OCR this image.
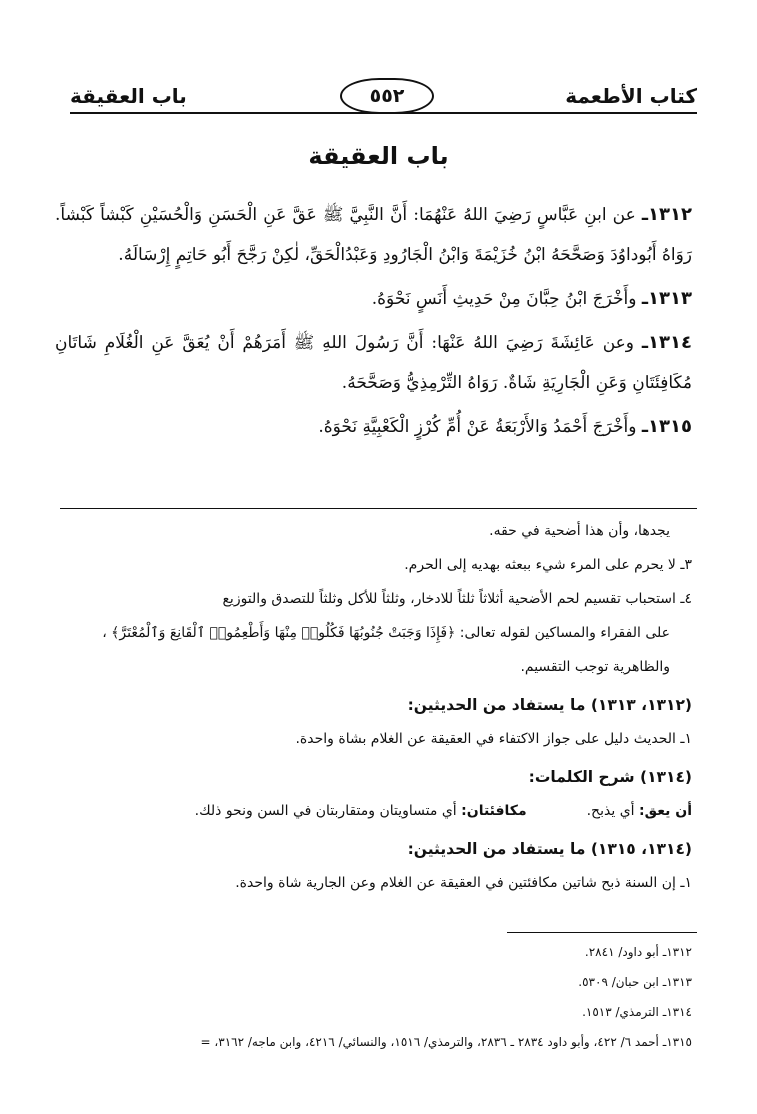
كتاب الأطعمة
٥٥٢
باب العقيقة
باب العقيقة

١٣١٢ـ عن ابنِ عَبَّاسٍ رَضِيَ اللهُ عَنْهُمَا: أَنَّ النَّبِيَّ ﷺ عَقَّ عَنِ الْحَسَنِ وَالْحُسَيْنِ كَبْشاً كَبْشاً. رَوَاهُ أَبُوداوُدَ وَصَحَّحَهُ ابْنُ خُزَيْمَةَ وَابْنُ الْجَارُودِ وَعَبْدُالْحَقِّ، لٰكِنْ رَجَّحَ أَبُو حَاتِمٍ إِرْسَالَهُ.

١٣١٣ـ وأَخْرَجَ ابْنُ حِبَّانَ مِنْ حَدِيثِ أَنَسٍ نَحْوَهُ.

١٣١٤ـ وعن عَائِشَةَ رَضِيَ اللهُ عَنْهَا: أَنَّ رَسُولَ اللهِ ﷺ أَمَرَهُمْ أَنْ يُعَقَّ عَنِ الْغُلَامِ شَاتَانِ مُكَافِئَتَانِ وَعَنِ الْجَارِيَةِ شَاةٌ. رَوَاهُ التِّرْمِذِيُّ وَصَحَّحَهُ.

١٣١٥ـ وأَخْرَجَ أَحْمَدُ وَالأَرْبَعَةُ عَنْ أُمِّ كُرْزٍ الْكَعْبِيَّةِ نَحْوَهُ.

يجدها، وأن هذا أضحية في حقه.

٣ـ لا يحرم على المرء شيء ببعثه بهديه إلى الحرم.

٤ـ استحباب تقسيم لحم الأضحية أثلاثاً ثلثاً للادخار، وثلثاً للأكل وثلثاً للتصدق والتوزيع

على الفقراء والمساكين لقوله تعالى: ﴿فَإِذَا وَجَبَتْ جُنُوبُهَا فَكُلُوا۟ مِنْهَا وَأَطْعِمُوا۟ ٱلْقَانِعَ وَٱلْمُعْتَرَّ﴾ ،

والظاهرية توجب التقسيم.

(١٣١٢، ١٣١٣) ما يستفاد من الحديثين:

١ـ الحديث دليل على جواز الاكتفاء في العقيقة عن الغلام بشاة واحدة.

(١٣١٤) شرح الكلمات:
أن يعق: أي يذبح.
مكافئتان: أي متساويتان ومتقاربتان في السن ونحو ذلك.
(١٣١٤، ١٣١٥) ما يستفاد من الحديثين:

١ـ إن السنة ذبح شاتين مكافئتين في العقيقة عن الغلام وعن الجارية شاة واحدة.

١٣١٢ـ أبو داود/ ٢٨٤١.

١٣١٣ـ ابن حبان/ ٥٣٠٩.

١٣١٤ـ الترمذي/ ١٥١٣.

١٣١٥ـ أحمد ٦/ ٤٢٢، وأبو داود ٢٨٣٤ ـ ٢٨٣٦، والترمذي/ ١٥١٦، والنسائي/ ٤٢١٦، وابن ماجه/ ٣١٦٢، =
